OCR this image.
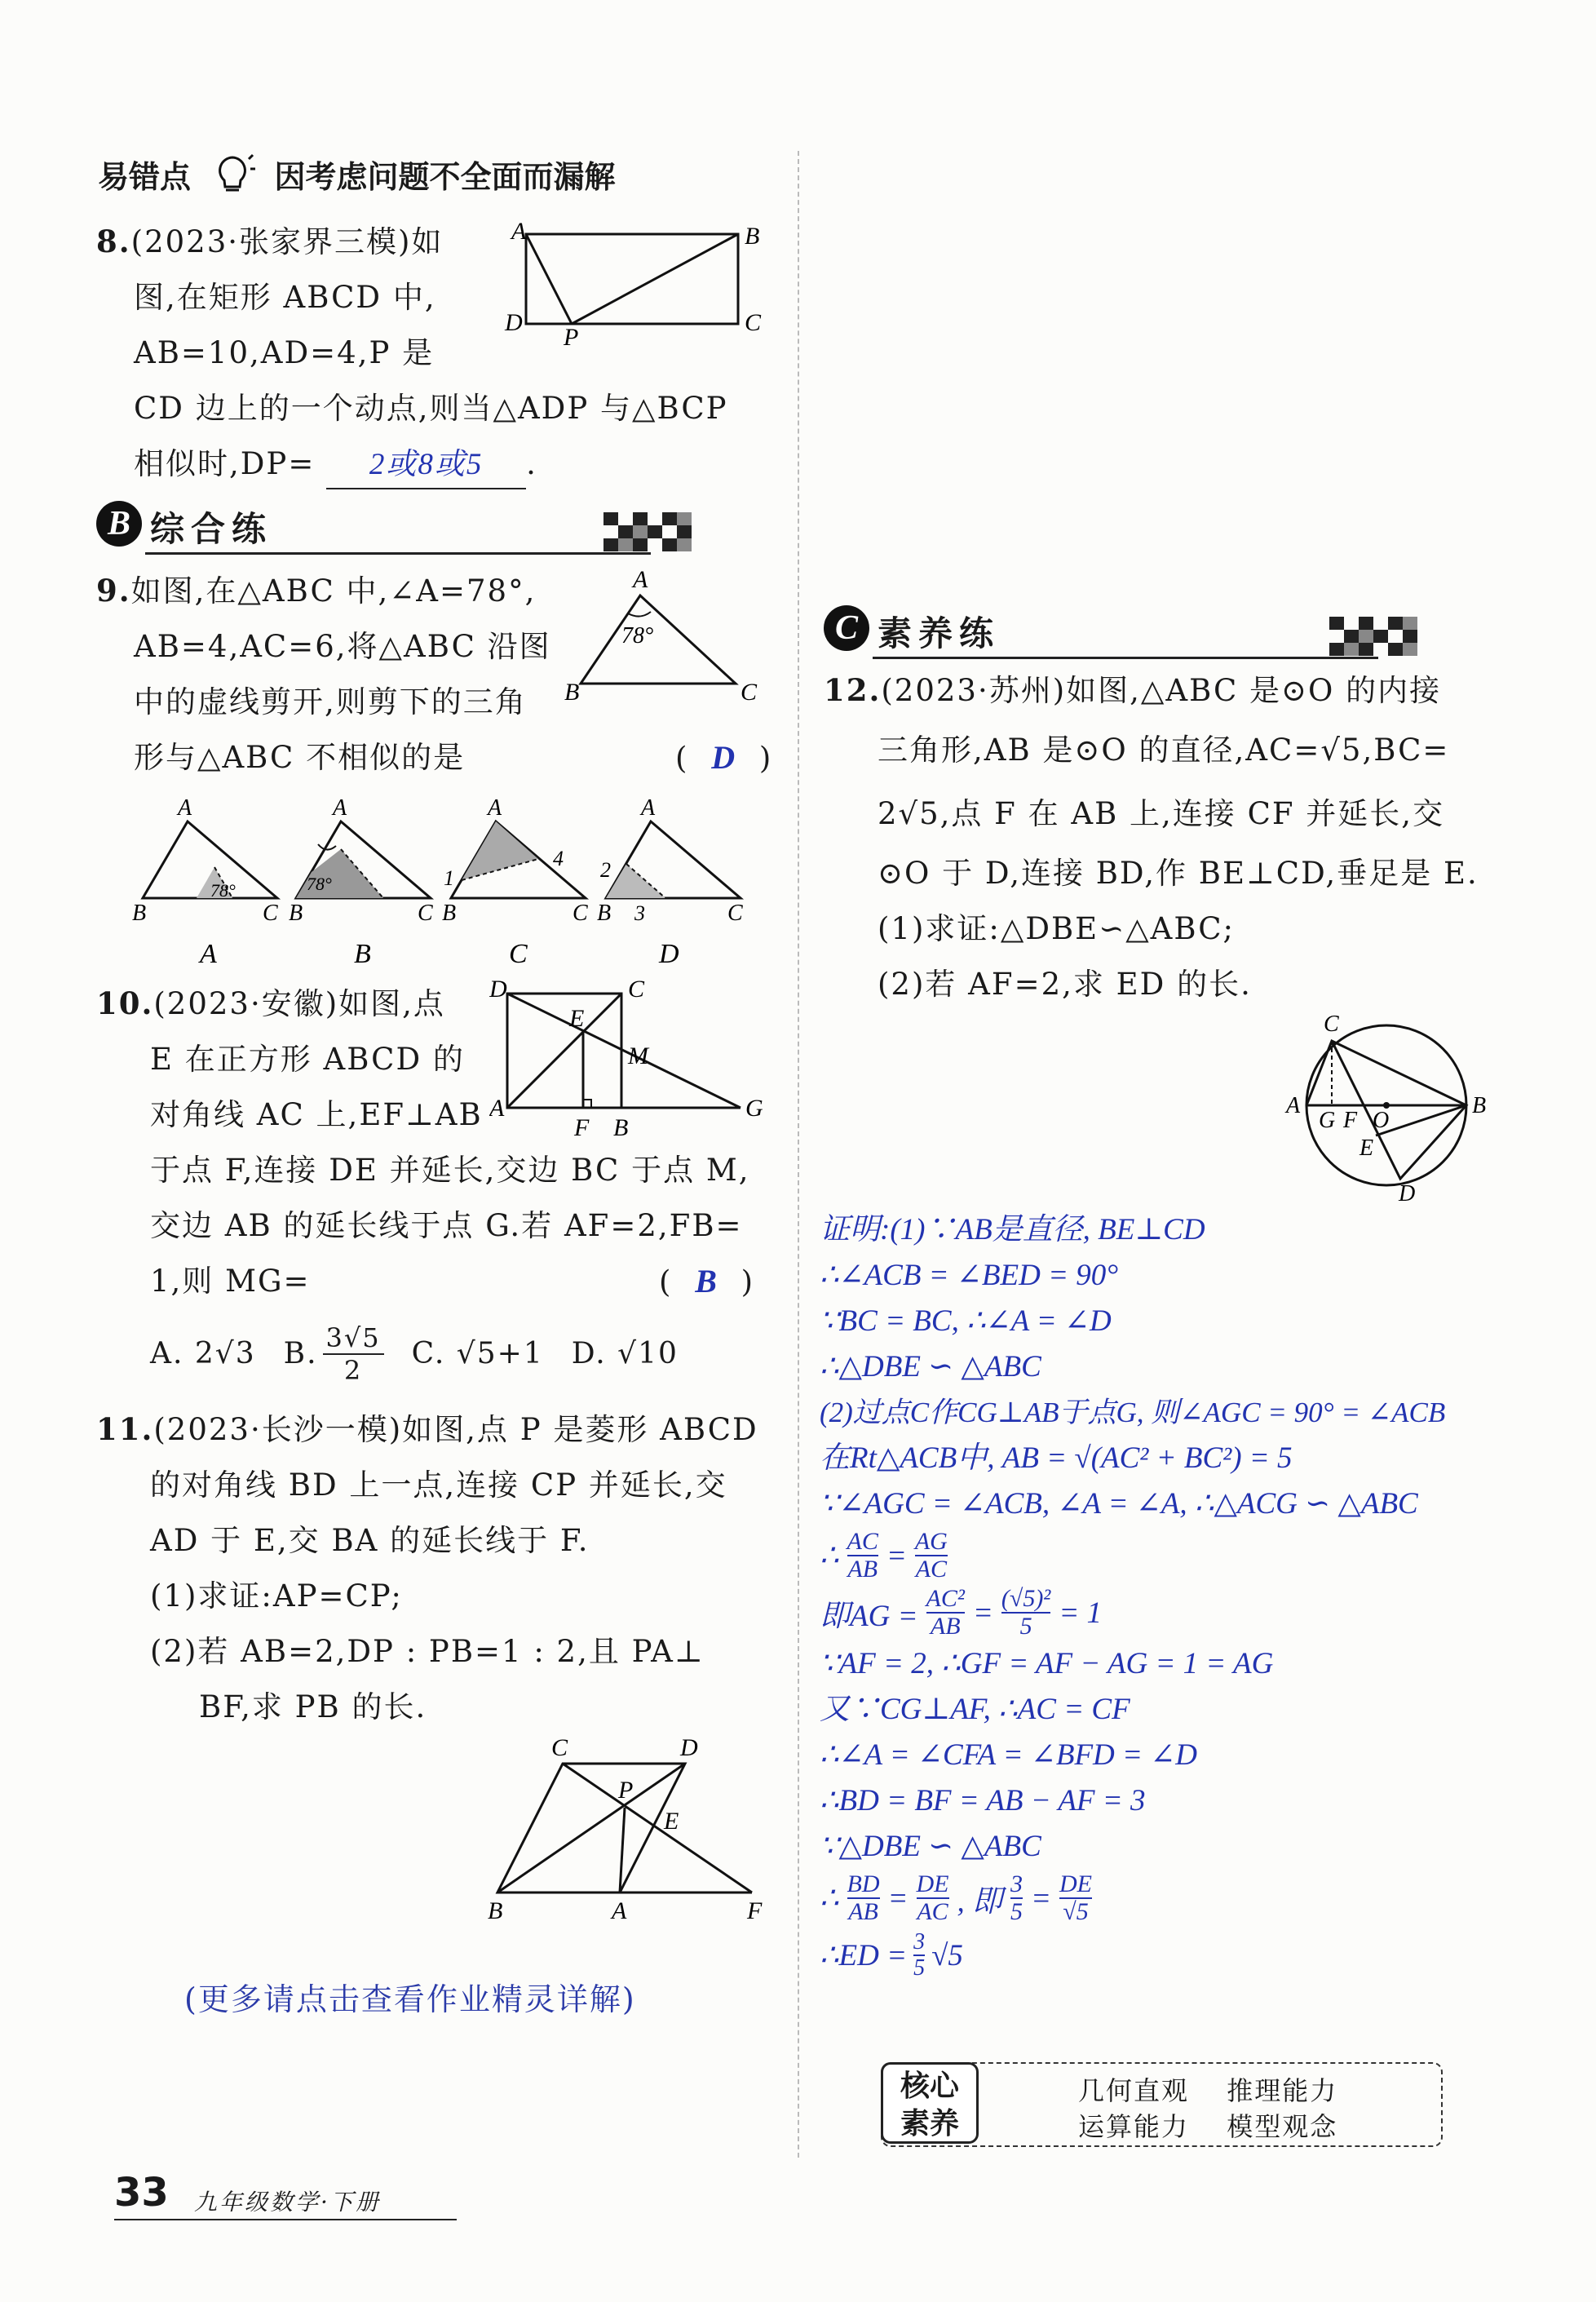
易错点	因考虑问题不全面而漏解
8.(2023·张家界三模)如
图,在矩形 ABCD 中,
AB=10,AD=4,P 是
CD 边上的一个动点,则当△ADP 与△BCP
相似时,DP= 2或8或5 .
A	B
C
D
P
B 综合练
9.如图,在△ABC 中,∠A=78°,
AB=4,AC=6,将△ABC 沿图
中的虚线剪开,则剪下的三角
形与△ABC 不相似的是	( D )
A
B	C
78°
A
B	C
78°
A
A
B	C
78°
B
A
B	C
1
4
C
A
B	C
2
3
D
10.(2023·安徽)如图,点
E 在正方形 ABCD 的
对角线 AC 上,EF⊥AB
于点 F,连接 DE 并延长,交边 BC 于点 M,
交边 AB 的延长线于点 G.若 AF=2,FB=
1,则 MG=	( B )
A. 2√3 B. 3√5
2 C. √5+1 D. √10
D	C
E
M
A
F B
G
11.(2023·长沙一模)如图,点 P 是菱形 ABCD
的对角线 BD 上一点,连接 CP 并延长,交
AD 于 E,交 BA 的延长线于 F.
(1)求证:AP=CP;
(2)若 AB=2,DP : PB=1 : 2,且 PA⊥
BF,求 PB 的长.
C	D
P
E
B	A	F
(更多请点击查看作业精灵详解)
C 素养练
12.(2023·苏州)如图,△ABC 是⊙O 的内接
三角形,AB 是⊙O 的直径,AC=√5,BC=
2√5,点 F 在 AB 上,连接 CF 并延长,交
⊙O 于 D,连接 BD,作 BE⊥CD,垂足是 E.
(1)求证:△DBE∽△ABC;
(2)若 AF=2,求 ED 的长.
C
A	B
G F O
E
D
证明:(1)∵AB是直径, BE⊥CD
∴∠ACB = ∠BED = 90°
∵BC = BC, ∴∠A = ∠D
∴△DBE ∽ △ABC
(2)过点C作CG⊥AB于点G, 则∠AGC = 90° = ∠ACB
在Rt△ACB中, AB = √(AC² + BC²) = 5
∵∠AGC = ∠ACB, ∠A = ∠A, ∴△ACG ∽ △ABC
∴ $\frac{AC}{AB} = \frac{AG}{AC}$
即AG = $\frac{\text{AC²}}{AB} = \frac{\text{(√5)²}}{5} = 1$
∵AF = 2, ∴GF = AF − AG = 1 = AG
又∵CG⊥AF, ∴AC = CF
∴∠A = ∠CFA = ∠BFD = ∠D
∴BD = BF = AB − AF = 3
∵△DBE ∽ △ABC
∴ $\frac{BD}{AB} = \frac{DE}{AC}$ , 即 $\frac{3}{5} = \frac{DE}{√5}$
∴ED = $\frac{3}{5} √5$
核心素养
几何直观 推理能力
运算能力 模型观念
33 九年级数学·下册
